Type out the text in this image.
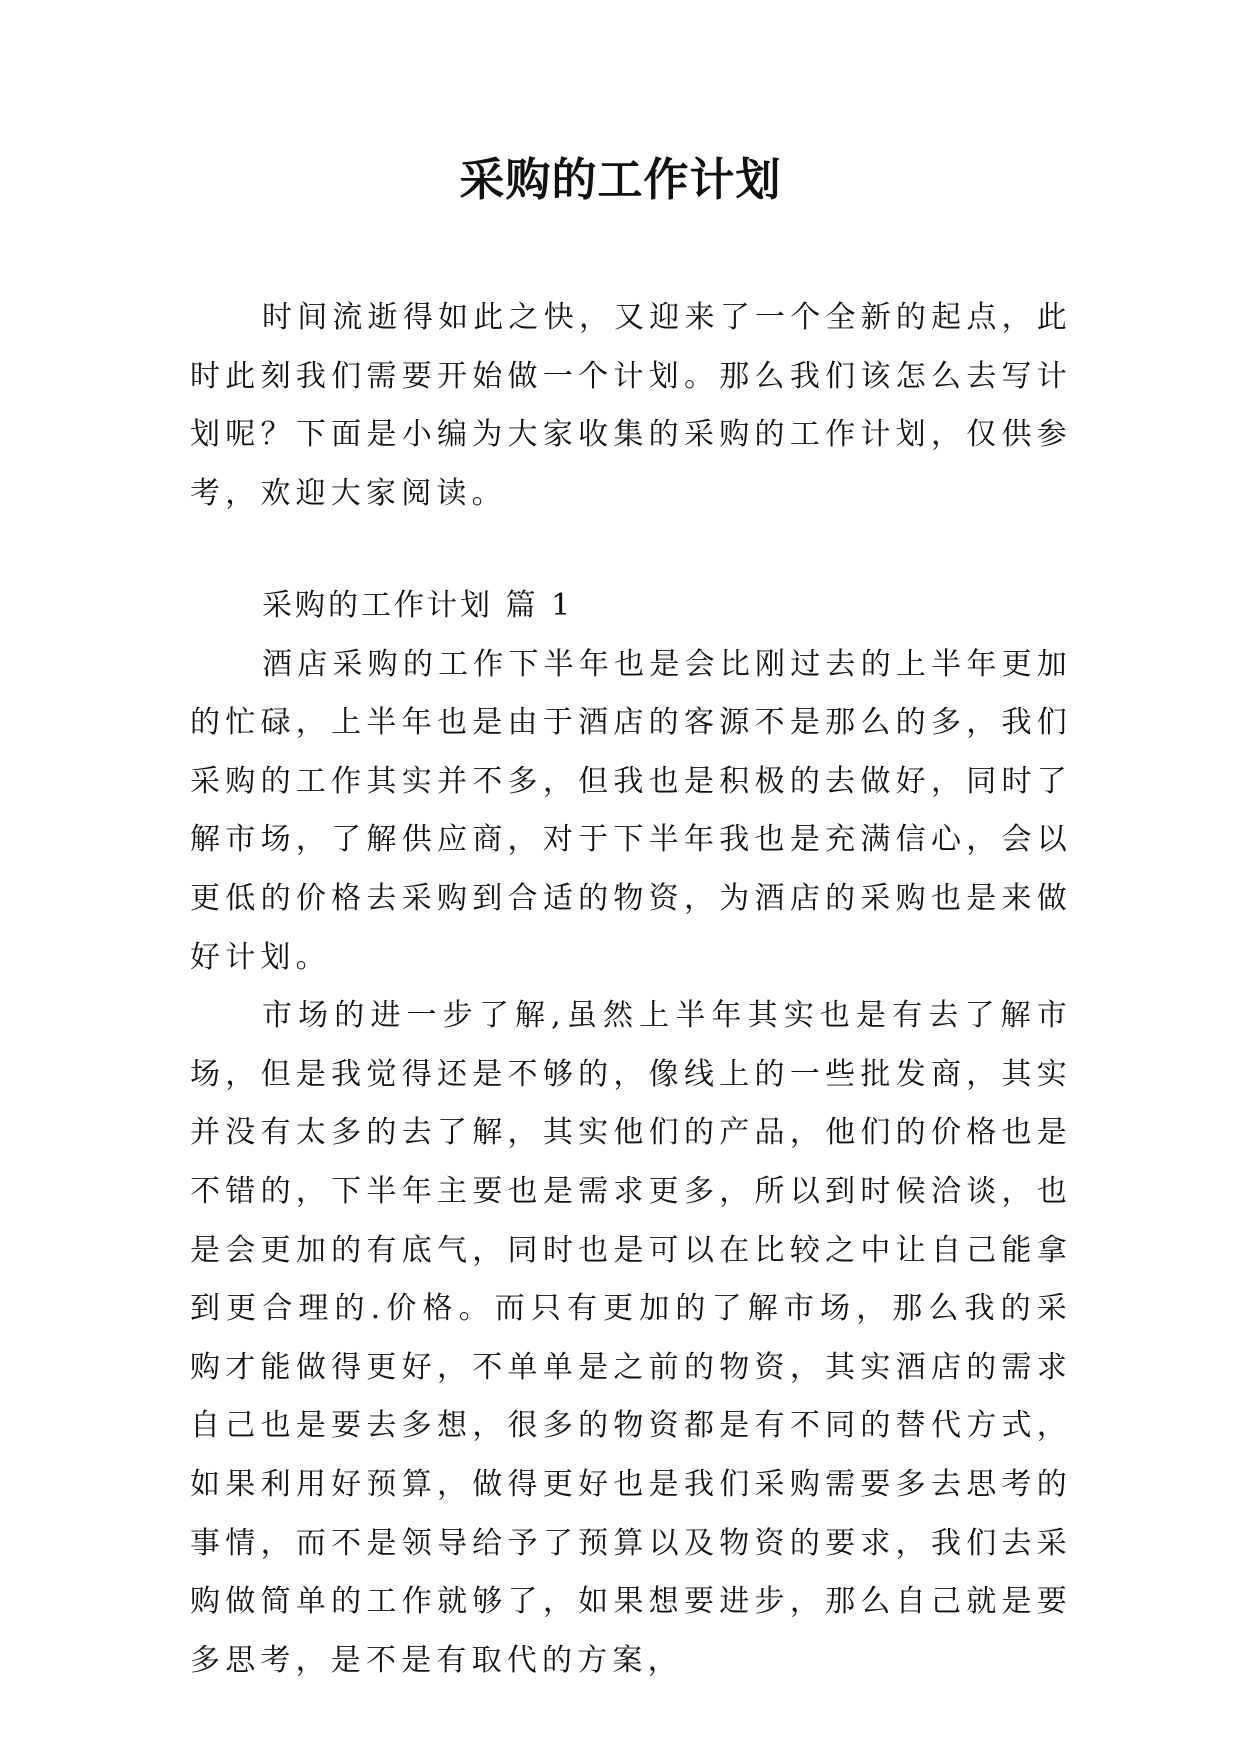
采购的工作计划

时间流逝得如此之快，又迎来了一个全新的起点，此时此刻我们需要开始做一个计划。那么我们该怎么去写计划呢？下面是小编为大家收集的采购的工作计划，仅供参考，欢迎大家阅读。

采购的工作计划 篇 1

酒店采购的工作下半年也是会比刚过去的上半年更加的忙碌，上半年也是由于酒店的客源不是那么的多，我们采购的工作其实并不多，但我也是积极的去做好，同时了解市场，了解供应商，对于下半年我也是充满信心，会以更低的价格去采购到合适的物资，为酒店的采购也是来做好计划。

市场的进一步了解,虽然上半年其实也是有去了解市场，但是我觉得还是不够的，像线上的一些批发商，其实并没有太多的去了解，其实他们的产品，他们的价格也是不错的，下半年主要也是需求更多，所以到时候洽谈，也是会更加的有底气，同时也是可以在比较之中让自己能拿到更合理的.价格。而只有更加的了解市场，那么我的采购才能做得更好，不单单是之前的物资，其实酒店的需求自己也是要去多想，很多的物资都是有不同的替代方式，如果利用好预算，做得更好也是我们采购需要多去思考的事情，而不是领导给予了预算以及物资的要求，我们去采购做简单的工作就够了，如果想要进步，那么自己就是要多思考，是不是有取代的方案，
